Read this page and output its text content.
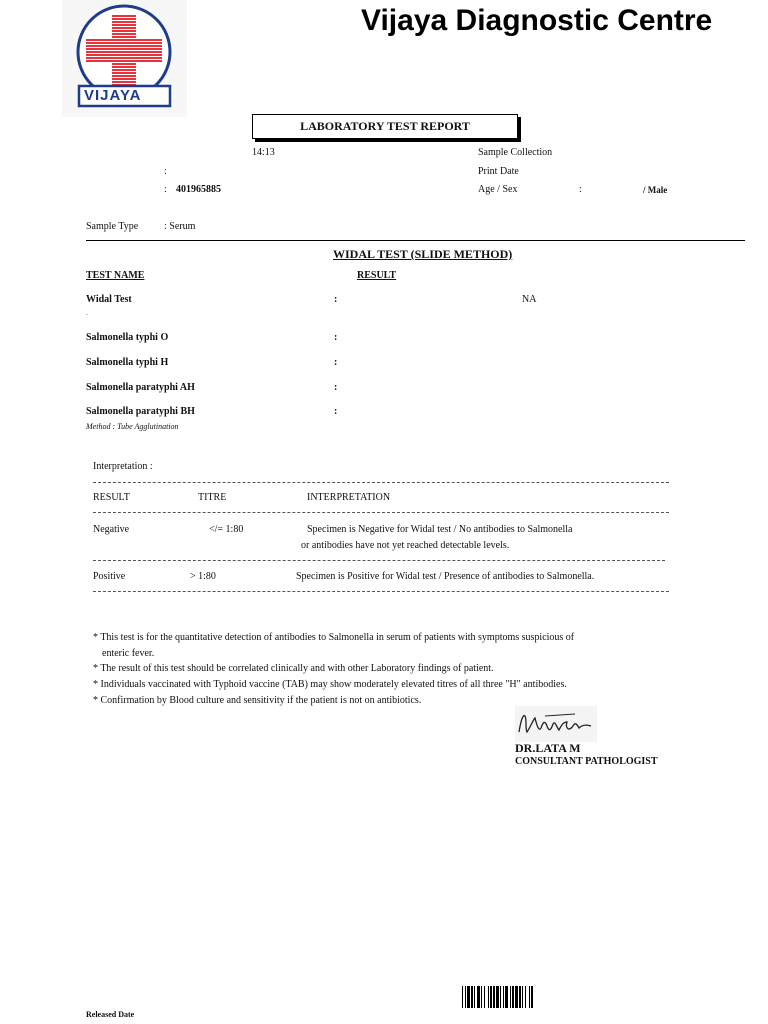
VIJAYA
Vijaya Diagnostic Centre
LABORATORY TEST REPORT
14:13	Sample Collection
:	Print Date
: 401965885	Age / Sex	:	/ Male
Sample Type	: Serum
WIDAL TEST (SLIDE METHOD)
TEST NAME	RESULT
Widal Test	:	NA
.
Salmonella typhi O	:
Salmonella typhi H	:
Salmonella paratyphi AH	:
Salmonella paratyphi BH	:
Method : Tube Agglutination
Interpretation :
RESULT	TITRE	INTERPRETATION
Negative	</= 1:80	Specimen is Negative for Widal test / No antibodies to Salmonella
or antibodies have not yet reached detectable levels.
Positive	> 1:80	Specimen is Positive for Widal test / Presence of antibodies to Salmonella.
* This test is for the quantitative detection of antibodies to Salmonella in serum of patients with symptoms suspicious of
enteric fever.
* The result of this test should be correlated clinically and with other Laboratory findings of patient.
* Individuals vaccinated with Typhoid vaccine (TAB) may show moderately elevated titres of all three "H" antibodies.
* Confirmation by Blood culture and sensitivity if the patient is not on antibiotics.
DR.LATA M
CONSULTANT PATHOLOGIST
Released Date
